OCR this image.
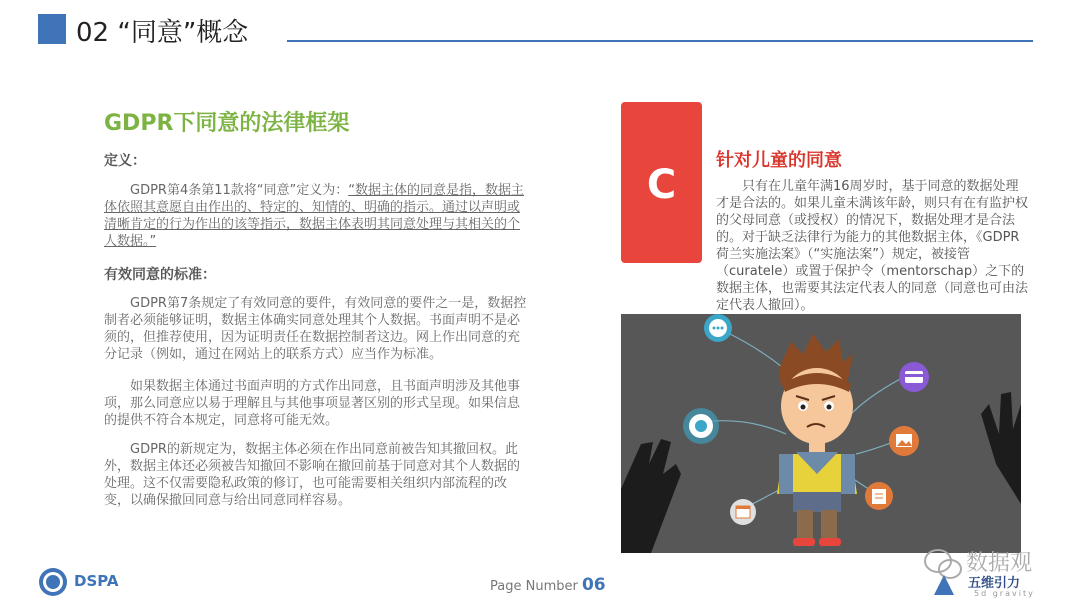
02 “同意”概念
GDPR下同意的法律框架
定义：
GDPR第4条第11款将“同意”定义为：“数据主体的同意是指，数据主体依照其意愿自由作出的、特定的、知情的、明确的指示。通过以声明或清晰肯定的行为作出的该等指示，数据主体表明其同意处理与其相关的个人数据。”
有效同意的标准：
GDPR第7条规定了有效同意的要件，有效同意的要件之一是，数据控制者必须能够证明，数据主体确实同意处理其个人数据。书面声明不是必须的，但推荐使用，因为证明责任在数据控制者这边。网上作出同意的充分记录（例如，通过在网站上的联系方式）应当作为标准。
如果数据主体通过书面声明的方式作出同意，且书面声明涉及其他事项，那么同意应以易于理解且与其他事项显著区别的形式呈现。如果信息的提供不符合本规定，同意将可能无效。
GDPR的新规定为，数据主体必须在作出同意前被告知其撤回权。此外，数据主体还必须被告知撤回不影响在撤回前基于同意对其个人数据的处理。这不仅需要隐私政策的修订，也可能需要相关组织内部流程的改变，以确保撤回同意与给出同意同样容易。
C
针对儿童的同意
只有在儿童年满16周岁时，基于同意的数据处理才是合法的。如果儿童未满该年龄，则只有在有监护权的父母同意（或授权）的情况下，数据处理才是合法的。对于缺乏法律行为能力的其他数据主体，《GDPR荷兰实施法案》（“实施法案”）规定，被接管（curatele）或置于保护令（mentorschap）之下的数据主体，也需要其法定代表人的同意（同意也可由法定代表人撤回）。
DSPA	Page Number 06
数据观
五维引力
5d gravity
